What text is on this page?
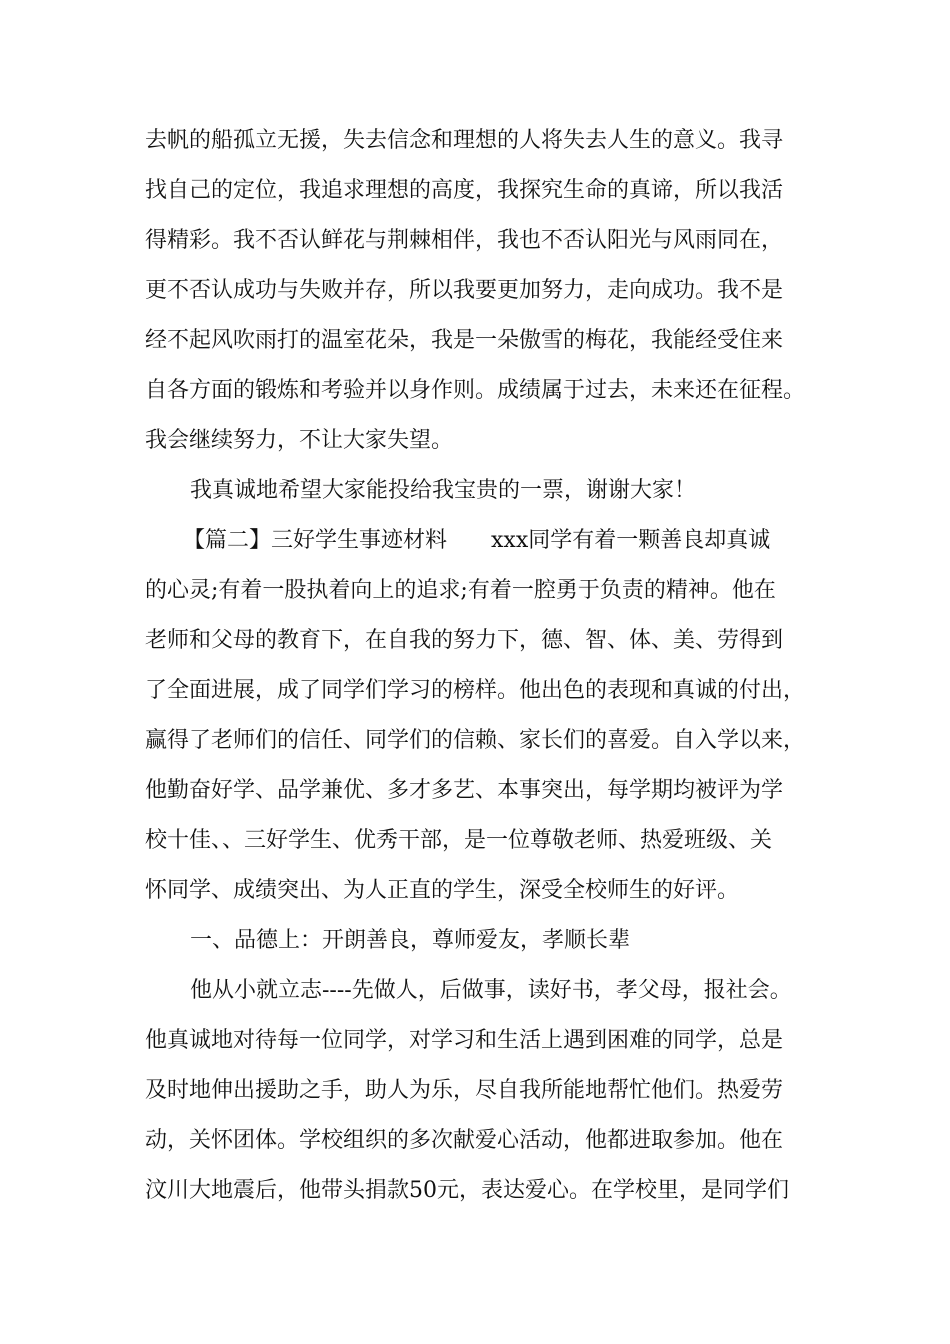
去帆的船孤立无援，失去信念和理想的人将失去人生的意义。我寻
找自己的定位，我追求理想的高度，我探究生命的真谛，所以我活
得精彩。我不否认鲜花与荆棘相伴，我也不否认阳光与风雨同在，
更不否认成功与失败并存，所以我要更加努力，走向成功。我不是
经不起风吹雨打的温室花朵，我是一朵傲雪的梅花，我能经受住来
自各方面的锻炼和考验并以身作则。成绩属于过去，未来还在征程。
我会继续努力，不让大家失望。
我真诚地希望大家能投给我宝贵的一票，谢谢大家！
【篇二】三好学生事迹材料　　xxx同学有着一颗善良却真诚
的心灵;有着一股执着向上的追求;有着一腔勇于负责的精神。他在
老师和父母的教育下，在自我的努力下，德、智、体、美、劳得到
了全面进展，成了同学们学习的榜样。他出色的表现和真诚的付出，
赢得了老师们的信任、同学们的信赖、家长们的喜爱。自入学以来，
他勤奋好学、品学兼优、多才多艺、本事突出，每学期均被评为学
校十佳、、三好学生、优秀干部，是一位尊敬老师、热爱班级、关
怀同学、成绩突出、为人正直的学生，深受全校师生的好评。
一、品德上：开朗善良，尊师爱友，孝顺长辈
他从小就立志----先做人，后做事，读好书，孝父母，报社会。
他真诚地对待每一位同学，对学习和生活上遇到困难的同学，总是
及时地伸出援助之手，助人为乐，尽自我所能地帮忙他们。热爱劳
动，关怀团体。学校组织的多次献爱心活动，他都进取参加。他在
汶川大地震后，他带头捐款50元，表达爱心。在学校里，是同学们
